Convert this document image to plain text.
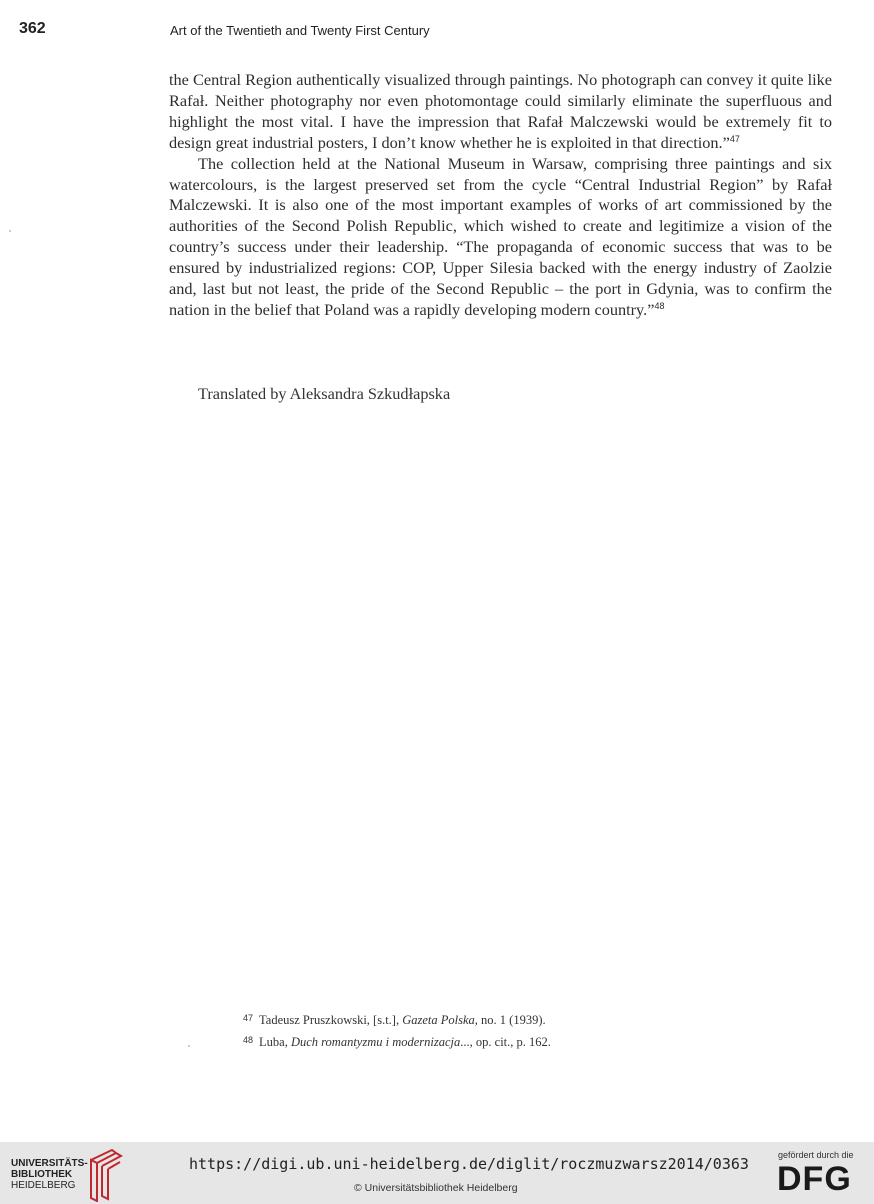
362	Art of the Twentieth and Twenty First Century

the Central Region authentically visualized through paintings. No photograph can convey it quite like Rafał. Neither photography nor even photomontage could similarly eliminate the superfluous and highlight the most vital. I have the impression that Rafał Malczewski would be extremely fit to design great industrial posters, I don’t know whether he is exploited in that direction.”$^{47}$

The collection held at the National Museum in Warsaw, comprising three paintings and six watercolours, is the largest preserved set from the cycle “Central Industrial Region” by Rafał Malczewski. It is also one of the most important examples of works of art commissioned by the authorities of the Second Polish Republic, which wished to create and legitimize a vision of the country’s success under their leadership. “The propaganda of economic success that was to be ensured by industrialized regions: COP, Upper Silesia backed with the energy industry of Zaolzie and, last but not least, the pride of the Second Republic – the port in Gdynia, was to confirm the nation in the belief that Poland was a rapidly developing modern country.”$^{48}$

Translated by Aleksandra Szkudłapska

$^{47}$ Tadeusz Pruszkowski, [s.t.], Gazeta Polska, no. 1 (1939).

$^{48}$ Luba, Duch romantyzmu i modernizacja..., op. cit., p. 162.

UNIVERSITÄTS-
BIBLIOTHEK
HEIDELBERG
https://digi.ub.uni-heidelberg.de/diglit/roczmuzwarsz2014/0363
© Universitätsbibliothek Heidelberg
gefördert durch die
DFG
